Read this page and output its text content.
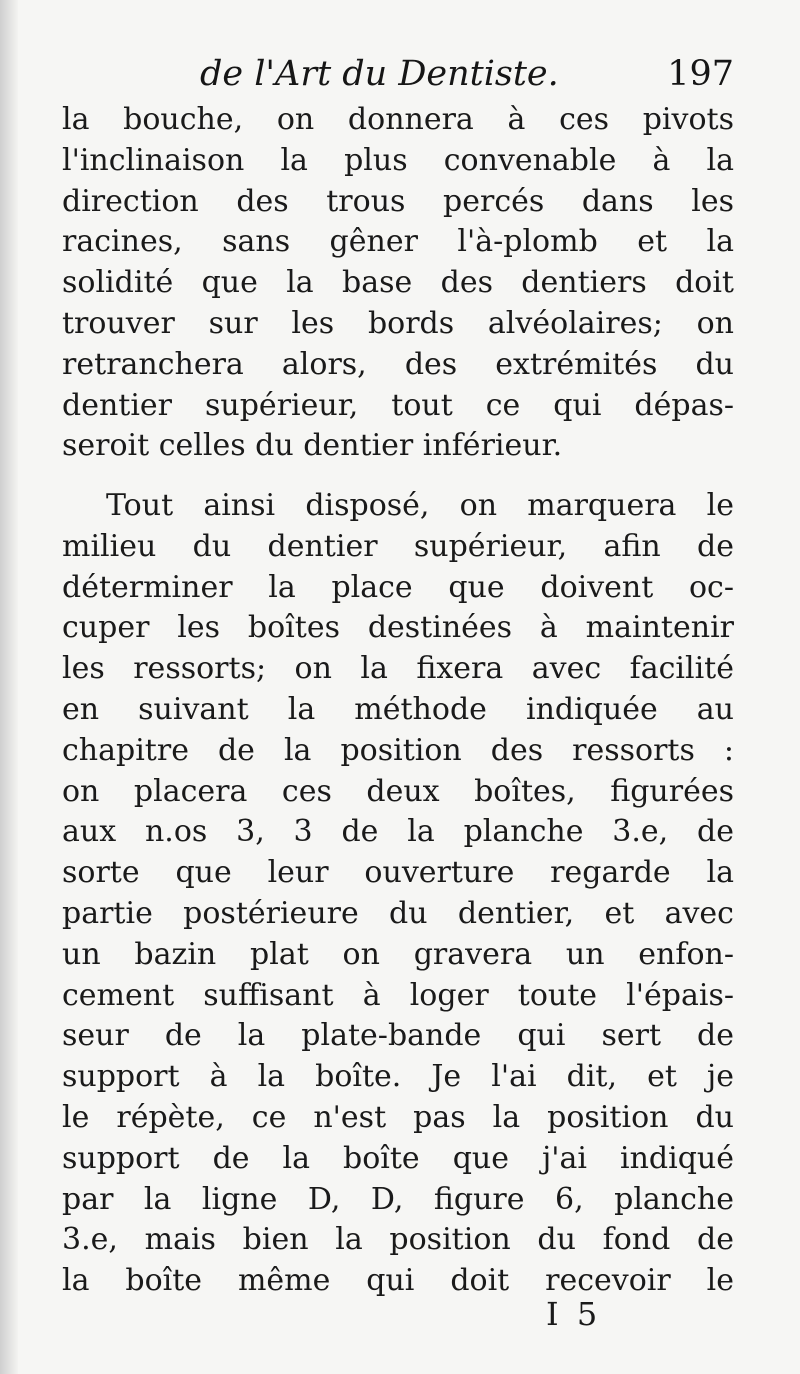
de l'Art du Dentiste.	197
la bouche, on donnera à ces pivots
l'inclinaison la plus convenable à la
direction des trous percés dans les
racines, sans gêner l'à-plomb et la
solidité que la base des dentiers doit
trouver sur les bords alvéolaires; on
retranchera alors, des extrémités du
dentier supérieur, tout ce qui dépas-
seroit celles du dentier inférieur.
Tout ainsi disposé, on marquera le
milieu du dentier supérieur, afin de
déterminer la place que doivent oc-
cuper les boîtes destinées à maintenir
les ressorts; on la fixera avec facilité
en suivant la méthode indiquée au
chapitre de la position des ressorts :
on placera ces deux boîtes, figurées
aux n.os 3, 3 de la planche 3.e, de
sorte que leur ouverture regarde la
partie postérieure du dentier, et avec
un bazin plat on gravera un enfon-
cement suffisant à loger toute l'épais-
seur de la plate-bande qui sert de
support à la boîte. Je l'ai dit, et je
le répète, ce n'est pas la position du
support de la boîte que j'ai indiqué
par la ligne D, D, figure 6, planche
3.e, mais bien la position du fond de
la boîte même qui doit recevoir le
I 5
